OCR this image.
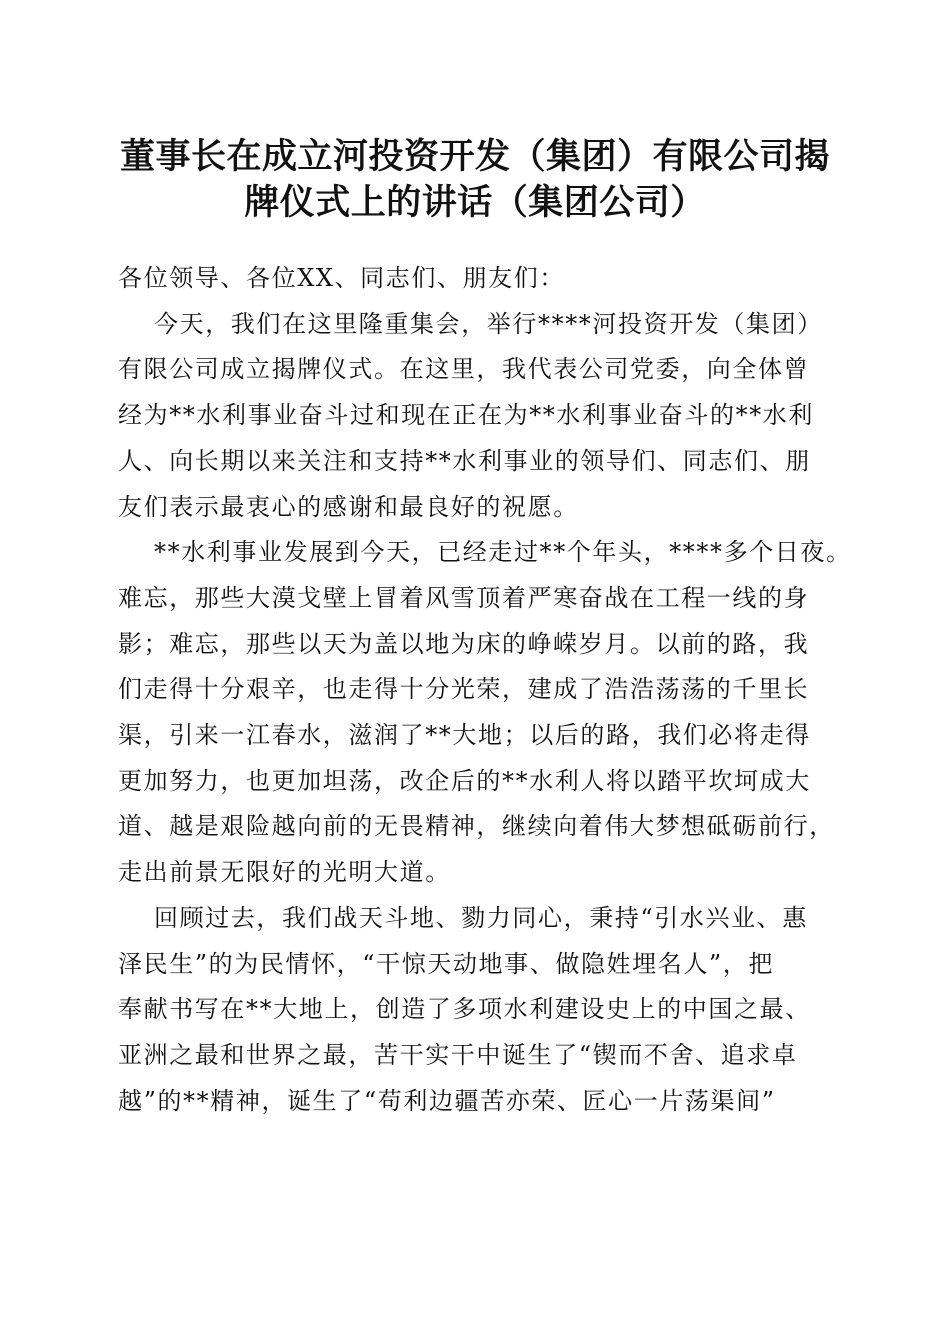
董事长在成立河投资开发（集团）有限公司揭
牌仪式上的讲话（集团公司）
各位领导、各位XX、同志们、朋友们：
今天，我们在这里隆重集会，举行****河投资开发（集团）
有限公司成立揭牌仪式。在这里，我代表公司党委，向全体曾
经为**水利事业奋斗过和现在正在为**水利事业奋斗的**水利
人、向长期以来关注和支持**水利事业的领导们、同志们、朋
友们表示最衷心的感谢和最良好的祝愿。
**水利事业发展到今天，已经走过**个年头，****多个日夜。
难忘，那些大漠戈壁上冒着风雪顶着严寒奋战在工程一线的身
影；难忘，那些以天为盖以地为床的峥嵘岁月。以前的路，我
们走得十分艰辛，也走得十分光荣，建成了浩浩荡荡的千里长
渠，引来一江春水，滋润了**大地；以后的路，我们必将走得
更加努力，也更加坦荡，改企后的**水利人将以踏平坎坷成大
道、越是艰险越向前的无畏精神，继续向着伟大梦想砥砺前行，
走出前景无限好的光明大道。
回顾过去，我们战天斗地、勠力同心，秉持“引水兴业、惠
泽民生”的为民情怀，“干惊天动地事、做隐姓埋名人”，把
奉献书写在**大地上，创造了多项水利建设史上的中国之最、
亚洲之最和世界之最，苦干实干中诞生了“锲而不舍、追求卓
越”的**精神，诞生了“苟利边疆苦亦荣、匠心一片荡渠间”
